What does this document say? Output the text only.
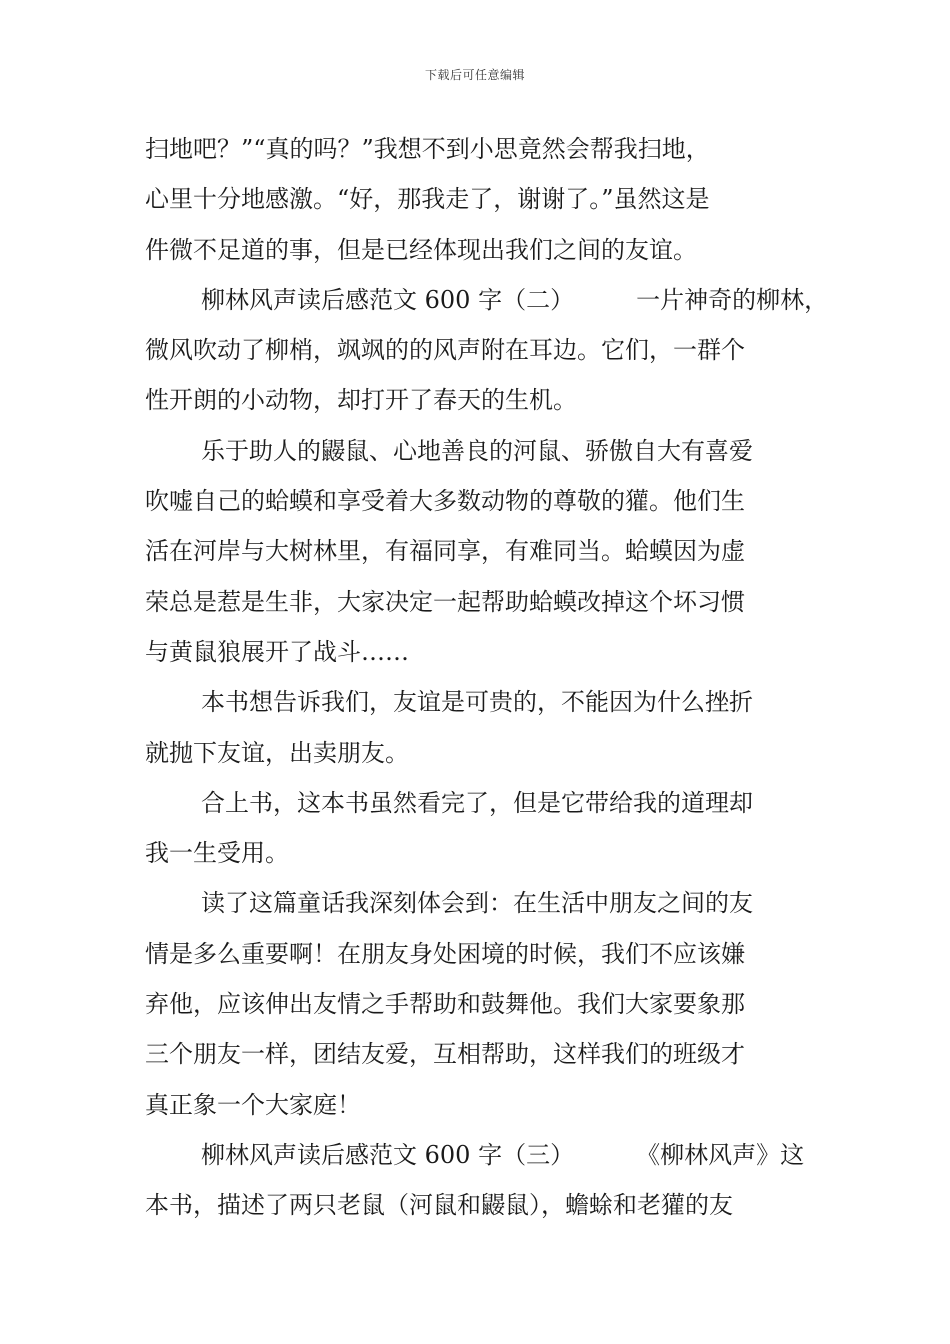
下载后可任意编辑
扫地吧？”“真的吗？”我想不到小思竟然会帮我扫地，
心里十分地感激。“好，那我走了，谢谢了。”虽然这是
件微不足道的事，但是已经体现出我们之间的友谊。
柳林风声读后感范文 600 字（二）	一片神奇的柳林，
微风吹动了柳梢，飒飒的的风声附在耳边。它们，一群个
性开朗的小动物，却打开了春天的生机。
乐于助人的鼹鼠、心地善良的河鼠、骄傲自大有喜爱
吹嘘自己的蛤蟆和享受着大多数动物的尊敬的獾。他们生
活在河岸与大树林里，有福同享，有难同当。蛤蟆因为虚
荣总是惹是生非，大家决定一起帮助蛤蟆改掉这个坏习惯
与黄鼠狼展开了战斗……
本书想告诉我们，友谊是可贵的，不能因为什么挫折
就抛下友谊，出卖朋友。
合上书，这本书虽然看完了，但是它带给我的道理却
我一生受用。
读了这篇童话我深刻体会到：在生活中朋友之间的友
情是多么重要啊！在朋友身处困境的时候，我们不应该嫌
弃他，应该伸出友情之手帮助和鼓舞他。我们大家要象那
三个朋友一样，团结友爱，互相帮助，这样我们的班级才
真正象一个大家庭！
柳林风声读后感范文 600 字（三）	《柳林风声》这
本书，描述了两只老鼠（河鼠和鼹鼠），蟾蜍和老獾的友
